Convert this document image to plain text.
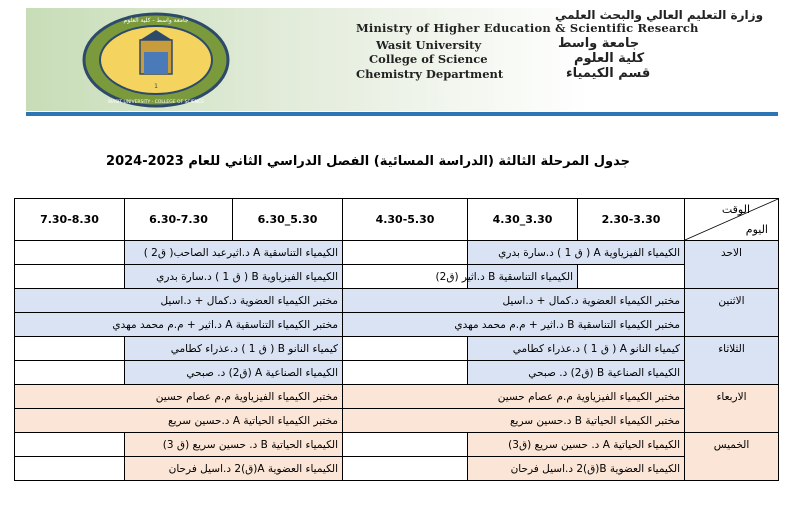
1
جامعة واسط - كلية العلوم
WASIT UNIVERSITY - COLLEGE OF SCIENCE
وزارة التعليم العالي والبحث العلمي
Ministry of Higher Education & Scientific Research
Wasit University	جامعة واسط
College of Science	كلية العلوم
Chemistry Department	قسم الكيمياء
جدول المرحلة الثالثة (الدراسة المسائية) الفصل الدراسي الثاني للعام 2023-2024
الوقت
اليوم	2.30-3.30	3.30_4.30	4.30-5.30	5.30_6.30	6.30-7.30	7.30-8.30
الاحد	الكيمياء الفيزياوية A ( ق 1 ) د.سارة بدري			الكيمياء التناسقية A د.اثيرعبد الصاحب( ق2 )		
		الكيمياء التناسقية B د.اثير (ق2)		الكيمياء الفيزياوية B ( ق 1 ) د.سارة بدري		
الاثنين	مختبر الكيمياء العضوية د.كمال + د.اسيل			مختبر الكيمياء العضوية د.كمال + د.اسيل		
	مختبر الكيمياء التناسقية B د.اثير + م.م محمد مهدي			مختبر الكيمياء التناسقية A د.اثير + م.م محمد مهدي		
الثلاثاء	كيمياء النانو A ( ق 1 ) د.عذراء كطامي			كيمياء النانو B ( ق 1 ) د.عذراء كطامي		
	الكيمياء الصناعية B (ق2) د. صبحي			الكيمياء الصناعية A (ق2) د. صبحي		
الاربعاء	مختبر الكيمياء الفيزياوية م.م عصام حسين			مختبر الكيمياء الفيزياوية م.م عصام حسين		
	مختبر الكيمياء الحياتية B د.حسين سريع			مختبر الكيمياء الحياتية A د.حسين سريع		
الخميس	الكيمياء الحياتية A د. حسين سريع (ق3)			الكيمياء الحياتية B د. حسين سريع (ق 3)		
	الكيمياء العضوية B(ق)2 د.اسيل فرحان			الكيمياء العضوية A(ق)2 د.اسيل فرحان		
